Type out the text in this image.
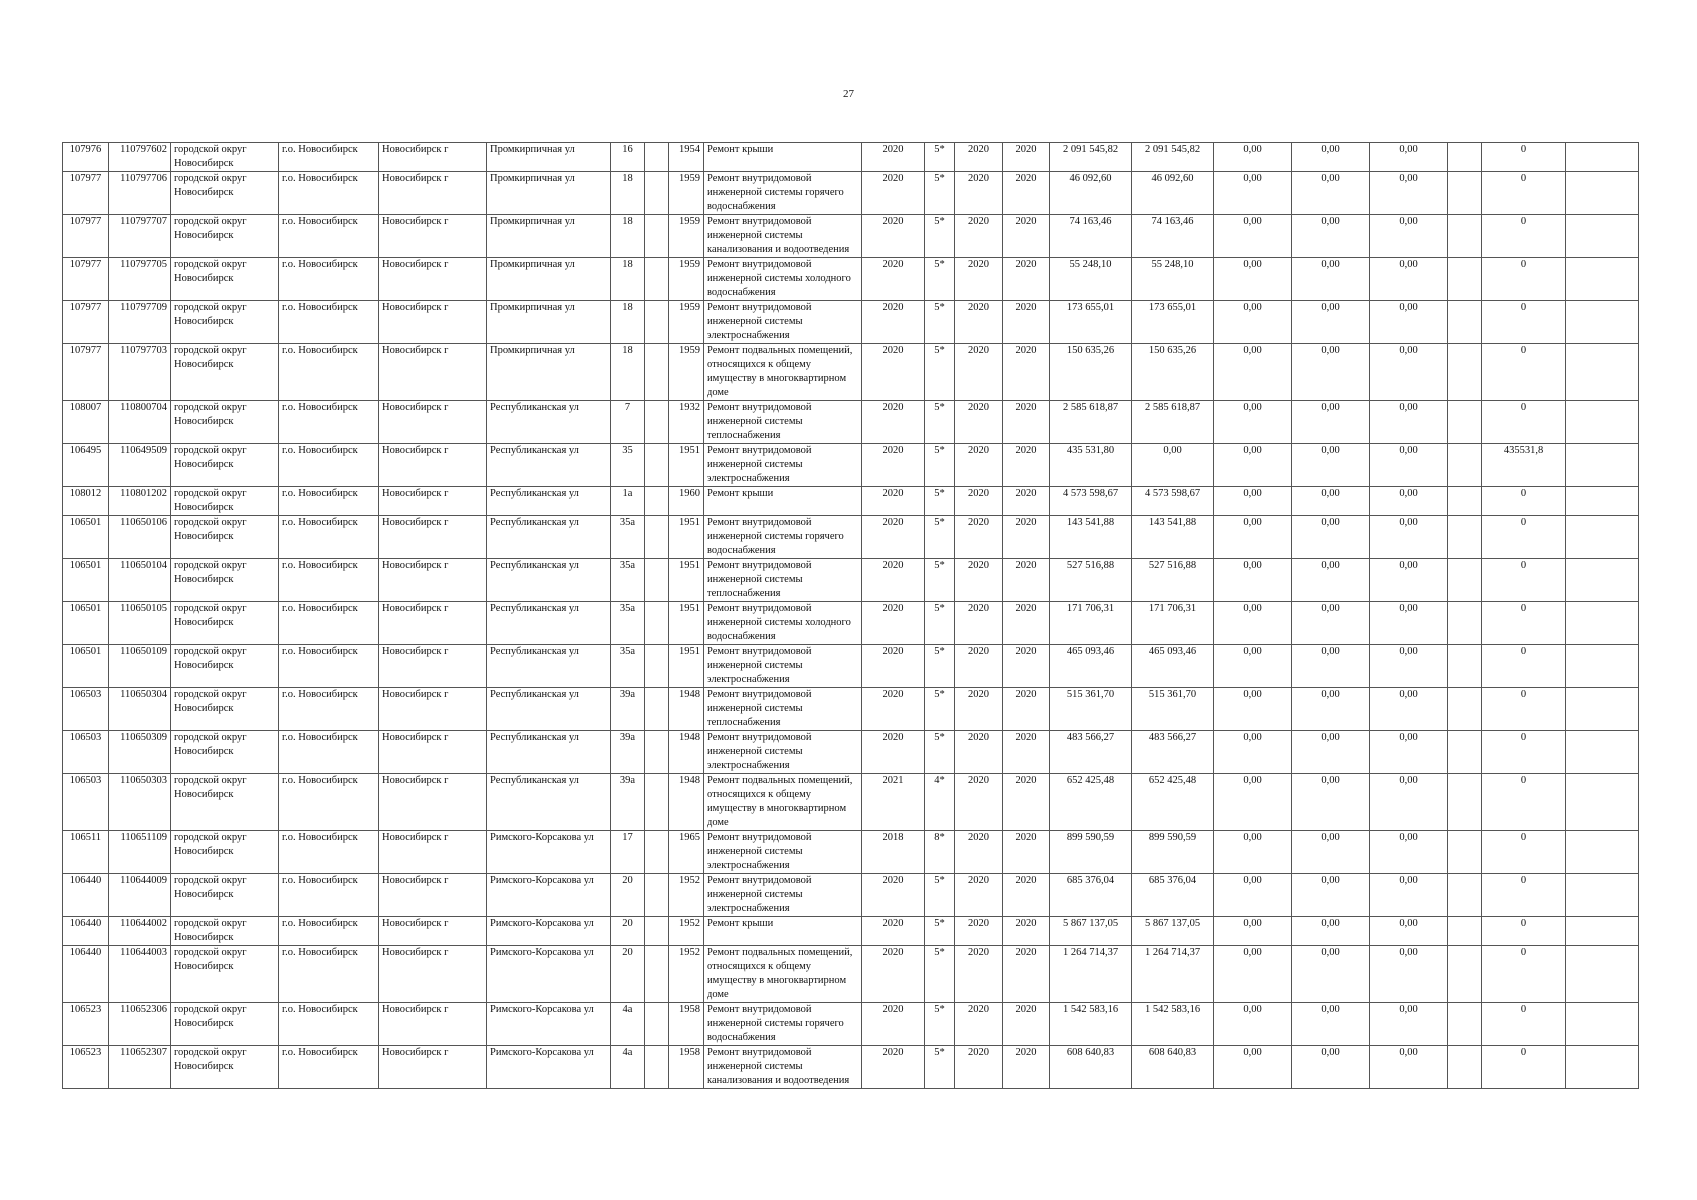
27
107976	110797602	городской округ Новосибирск	г.о. Новосибирск	Новосибирск г	Промкирпичная ул	16		1954	Ремонт крыши	2020	5*	2020	2020	2 091 545,82	2 091 545,82	0,00	0,00	0,00		0	
107977	110797706	городской округ Новосибирск	г.о. Новосибирск	Новосибирск г	Промкирпичная ул	18		1959	Ремонт внутридомовой инженерной системы горячего водоснабжения	2020	5*	2020	2020	46 092,60	46 092,60	0,00	0,00	0,00		0	
107977	110797707	городской округ Новосибирск	г.о. Новосибирск	Новосибирск г	Промкирпичная ул	18		1959	Ремонт внутридомовой инженерной системы канализования и водоотведения	2020	5*	2020	2020	74 163,46	74 163,46	0,00	0,00	0,00		0	
107977	110797705	городской округ Новосибирск	г.о. Новосибирск	Новосибирск г	Промкирпичная ул	18		1959	Ремонт внутридомовой инженерной системы холодного водоснабжения	2020	5*	2020	2020	55 248,10	55 248,10	0,00	0,00	0,00		0	
107977	110797709	городской округ Новосибирск	г.о. Новосибирск	Новосибирск г	Промкирпичная ул	18		1959	Ремонт внутридомовой инженерной системы электроснабжения	2020	5*	2020	2020	173 655,01	173 655,01	0,00	0,00	0,00		0	
107977	110797703	городской округ Новосибирск	г.о. Новосибирск	Новосибирск г	Промкирпичная ул	18		1959	Ремонт подвальных помещений, относящихся к общему имуществу в многоквартирном доме	2020	5*	2020	2020	150 635,26	150 635,26	0,00	0,00	0,00		0	
108007	110800704	городской округ Новосибирск	г.о. Новосибирск	Новосибирск г	Республиканская ул	7		1932	Ремонт внутридомовой инженерной системы теплоснабжения	2020	5*	2020	2020	2 585 618,87	2 585 618,87	0,00	0,00	0,00		0	
106495	110649509	городской округ Новосибирск	г.о. Новосибирск	Новосибирск г	Республиканская ул	35		1951	Ремонт внутридомовой инженерной системы электроснабжения	2020	5*	2020	2020	435 531,80	0,00	0,00	0,00	0,00		435531,8	
108012	110801202	городской округ Новосибирск	г.о. Новосибирск	Новосибирск г	Республиканская ул	1а		1960	Ремонт крыши	2020	5*	2020	2020	4 573 598,67	4 573 598,67	0,00	0,00	0,00		0	
106501	110650106	городской округ Новосибирск	г.о. Новосибирск	Новосибирск г	Республиканская ул	35а		1951	Ремонт внутридомовой инженерной системы горячего водоснабжения	2020	5*	2020	2020	143 541,88	143 541,88	0,00	0,00	0,00		0	
106501	110650104	городской округ Новосибирск	г.о. Новосибирск	Новосибирск г	Республиканская ул	35а		1951	Ремонт внутридомовой инженерной системы теплоснабжения	2020	5*	2020	2020	527 516,88	527 516,88	0,00	0,00	0,00		0	
106501	110650105	городской округ Новосибирск	г.о. Новосибирск	Новосибирск г	Республиканская ул	35а		1951	Ремонт внутридомовой инженерной системы холодного водоснабжения	2020	5*	2020	2020	171 706,31	171 706,31	0,00	0,00	0,00		0	
106501	110650109	городской округ Новосибирск	г.о. Новосибирск	Новосибирск г	Республиканская ул	35а		1951	Ремонт внутридомовой инженерной системы электроснабжения	2020	5*	2020	2020	465 093,46	465 093,46	0,00	0,00	0,00		0	
106503	110650304	городской округ Новосибирск	г.о. Новосибирск	Новосибирск г	Республиканская ул	39а		1948	Ремонт внутридомовой инженерной системы теплоснабжения	2020	5*	2020	2020	515 361,70	515 361,70	0,00	0,00	0,00		0	
106503	110650309	городской округ Новосибирск	г.о. Новосибирск	Новосибирск г	Республиканская ул	39а		1948	Ремонт внутридомовой инженерной системы электроснабжения	2020	5*	2020	2020	483 566,27	483 566,27	0,00	0,00	0,00		0	
106503	110650303	городской округ Новосибирск	г.о. Новосибирск	Новосибирск г	Республиканская ул	39а		1948	Ремонт подвальных помещений, относящихся к общему имуществу в многоквартирном доме	2021	4*	2020	2020	652 425,48	652 425,48	0,00	0,00	0,00		0	
106511	110651109	городской округ Новосибирск	г.о. Новосибирск	Новосибирск г	Римского-Корсакова ул	17		1965	Ремонт внутридомовой инженерной системы электроснабжения	2018	8*	2020	2020	899 590,59	899 590,59	0,00	0,00	0,00		0	
106440	110644009	городской округ Новосибирск	г.о. Новосибирск	Новосибирск г	Римского-Корсакова ул	20		1952	Ремонт внутридомовой инженерной системы электроснабжения	2020	5*	2020	2020	685 376,04	685 376,04	0,00	0,00	0,00		0	
106440	110644002	городской округ Новосибирск	г.о. Новосибирск	Новосибирск г	Римского-Корсакова ул	20		1952	Ремонт крыши	2020	5*	2020	2020	5 867 137,05	5 867 137,05	0,00	0,00	0,00		0	
106440	110644003	городской округ Новосибирск	г.о. Новосибирск	Новосибирск г	Римского-Корсакова ул	20		1952	Ремонт подвальных помещений, относящихся к общему имуществу в многоквартирном доме	2020	5*	2020	2020	1 264 714,37	1 264 714,37	0,00	0,00	0,00		0	
106523	110652306	городской округ Новосибирск	г.о. Новосибирск	Новосибирск г	Римского-Корсакова ул	4а		1958	Ремонт внутридомовой инженерной системы горячего водоснабжения	2020	5*	2020	2020	1 542 583,16	1 542 583,16	0,00	0,00	0,00		0	
106523	110652307	городской округ Новосибирск	г.о. Новосибирск	Новосибирск г	Римского-Корсакова ул	4а		1958	Ремонт внутридомовой инженерной системы канализования и водоотведения	2020	5*	2020	2020	608 640,83	608 640,83	0,00	0,00	0,00		0	
